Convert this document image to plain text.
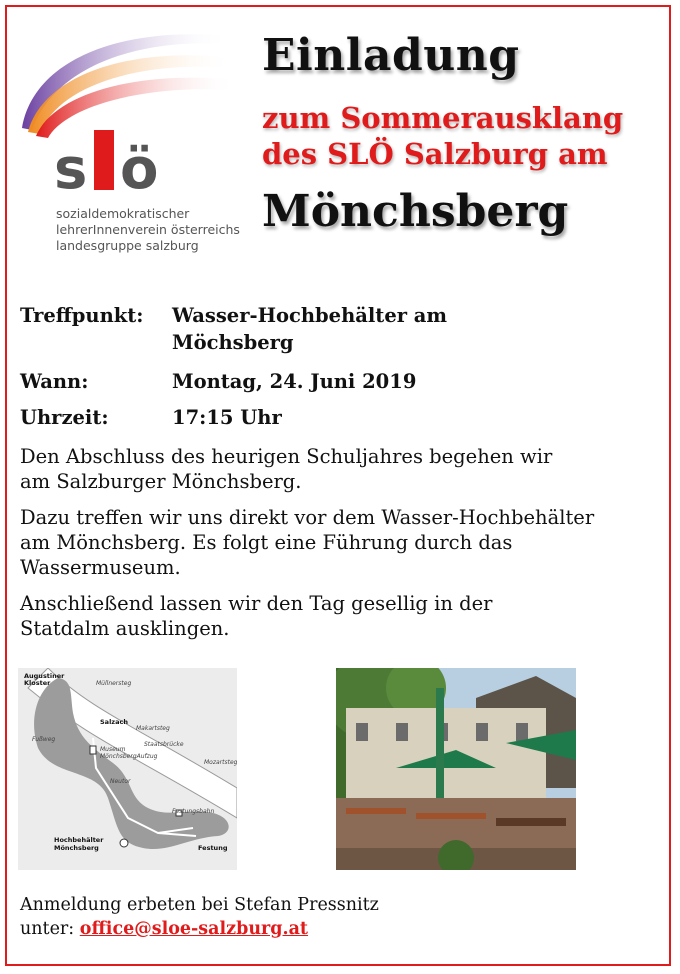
s ö
sozialdemokratischer
lehrerInnenverein österreichs
landesgruppe salzburg
Einladung
zum Sommerausklang
des SLÖ Salzburg am
Mönchsberg
Treffpunkt: Wasser-Hochbehälter am Möchsberg
Wann:	Montag, 24. Juni 2019
Uhrzeit:	17:15 Uhr

Den Abschluss des heurigen Schuljahres begehen wir am Salzburger Mönchsberg.

Dazu treffen wir uns direkt vor dem Wasser-Hochbehälter am Mönchsberg. Es folgt eine Führung durch das Wassermuseum.

Anschließend lassen wir den Tag gesellig in der Statdalm ausklingen.

Augustiner
Kloster	Müllnersteg
Salzach
Makartsteg
Fußweg
Museum
MönchsbergAufzug
Staatsbrücke
Mozartsteg
Neutor
Festungsbahn
Hochbehälter
Mönchsberg	Festung
Anmeldung erbeten bei Stefan Pressnitz
unter: office@sloe-salzburg.at
